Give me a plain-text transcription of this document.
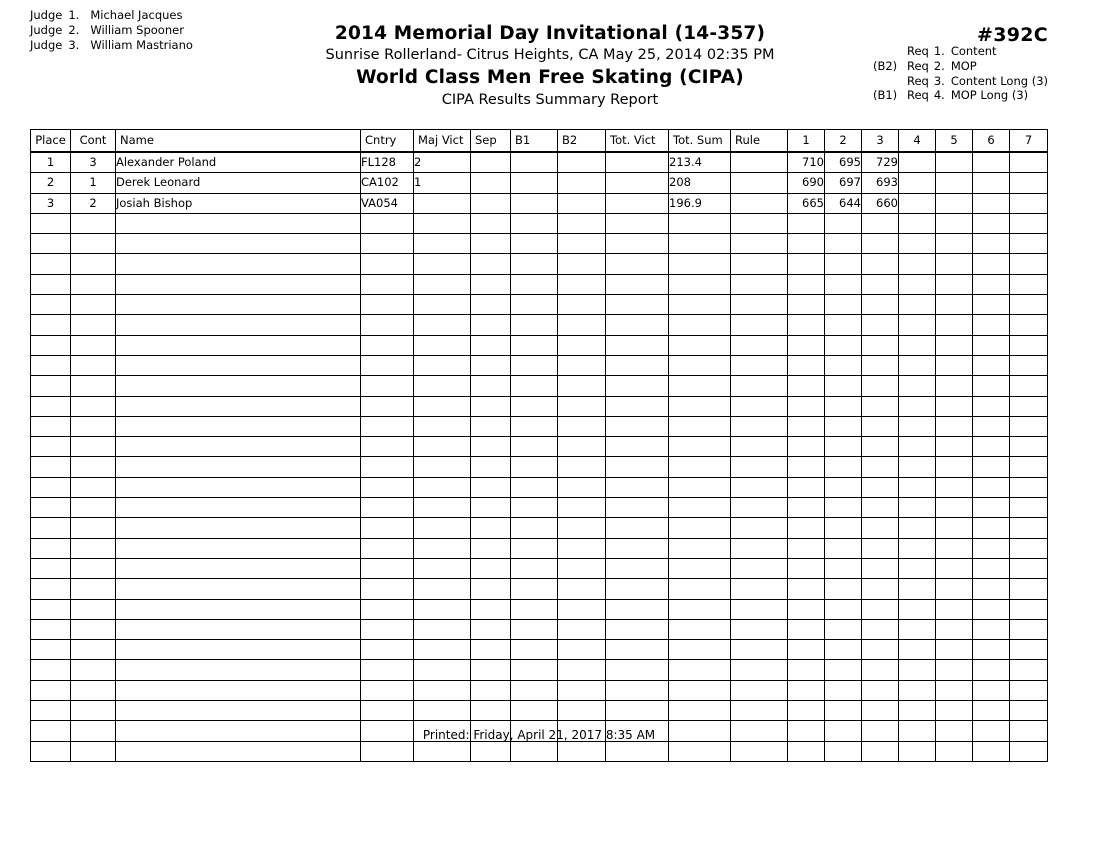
Judge 1. Michael Jacques
Judge 2. William Spooner
Judge 3. William Mastriano
2014 Memorial Day Invitational (14-357)
Sunrise Rollerland- Citrus Heights, CA May 25, 2014 02:35 PM
World Class Men Free Skating (CIPA)
CIPA Results Summary Report
#392C
Req 1. Content
(B2) Req 2. MOP
Req 3. Content Long (3)
(B1) Req 4. MOP Long (3)
Place	Cont	Name	Cntry	Maj Vict	Sep	B1	B2	Tot. Vict	Tot. Sum	Rule	1	2	3	4	5	6	7
1	3	Alexander Poland	FL128	2					213.4		710	695	729				
2	1	Derek Leonard	CA102	1					208		690	697	693				
3	2	Josiah Bishop	VA054						196.9		665	644	660				

Printed: Friday, April 21, 2017 8:35 AM
